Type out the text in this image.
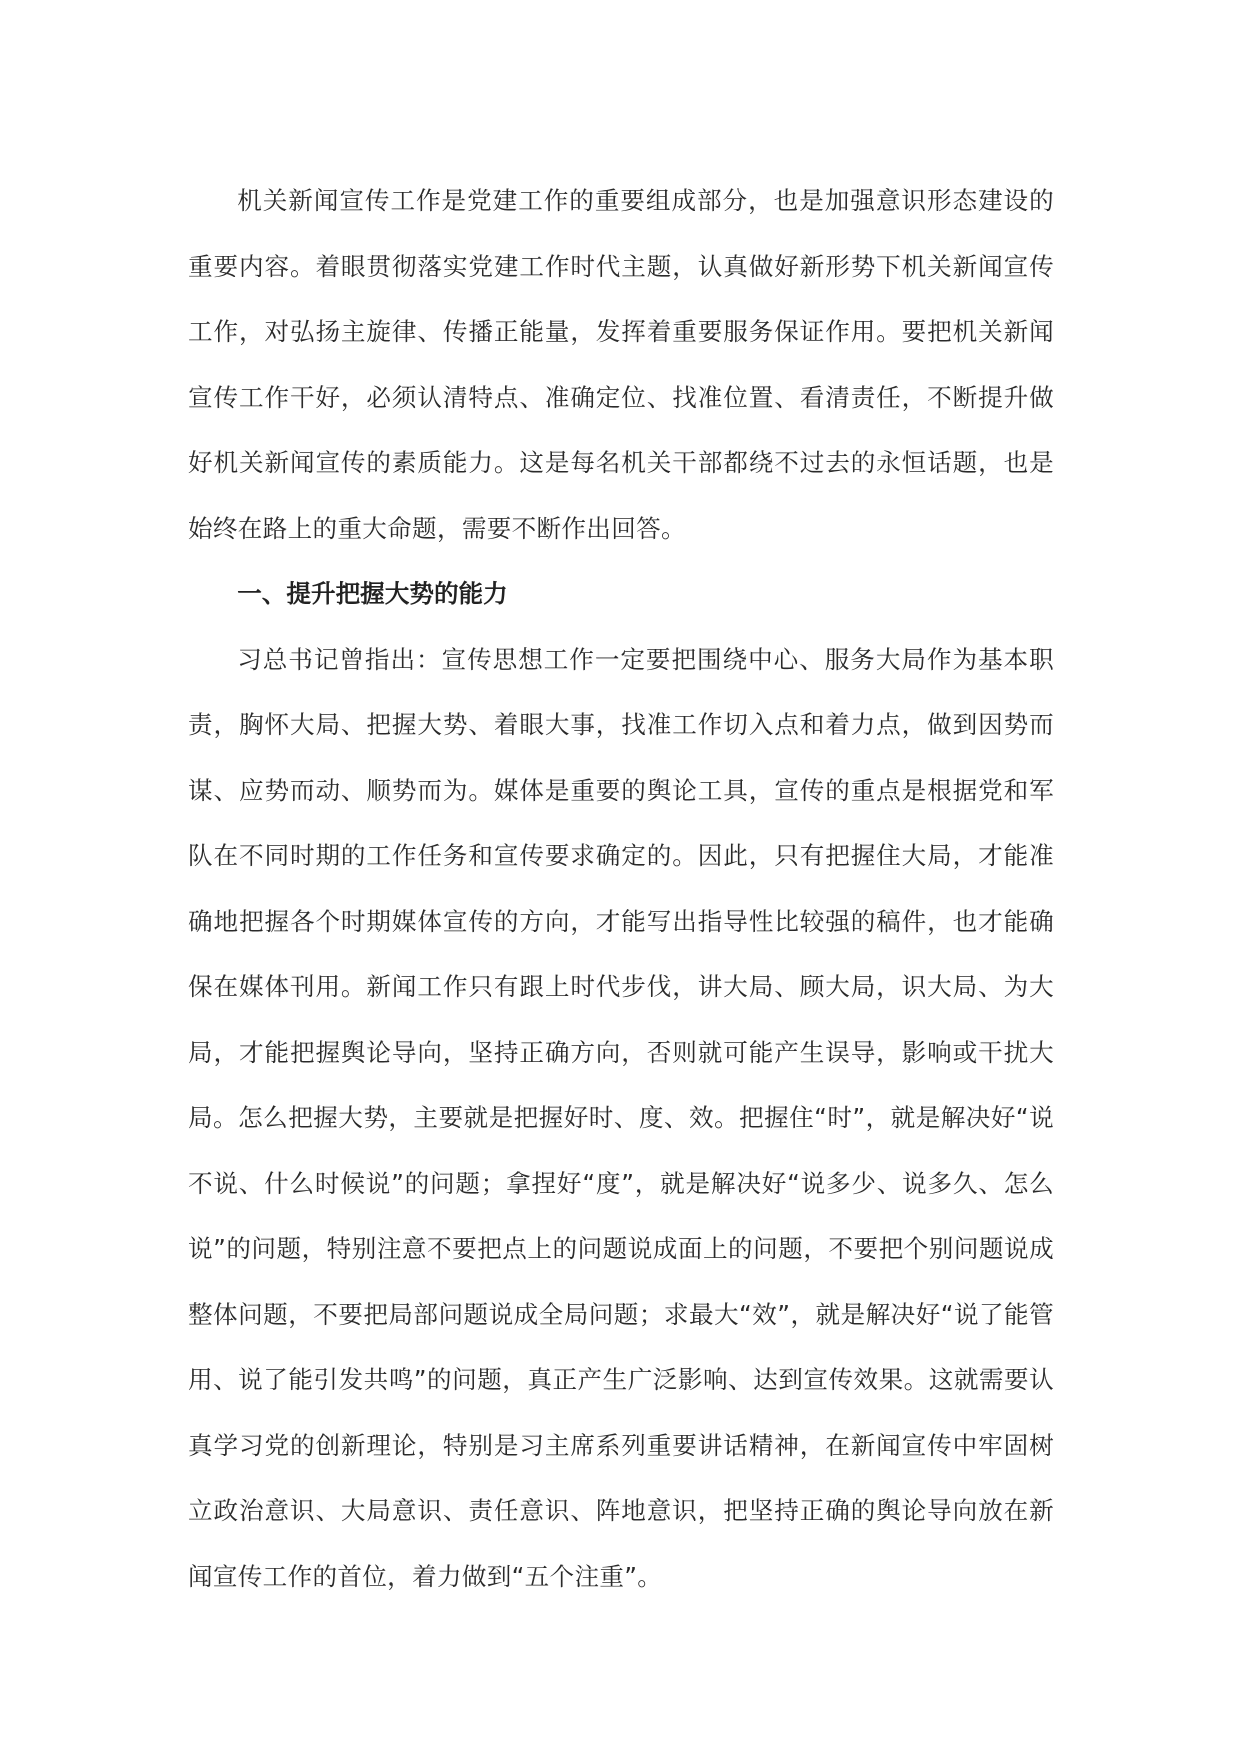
机关新闻宣传工作是党建工作的重要组成部分，也是加强意识形态建设的重要内容。着眼贯彻落实党建工作时代主题，认真做好新形势下机关新闻宣传工作，对弘扬主旋律、传播正能量，发挥着重要服务保证作用。要把机关新闻宣传工作干好，必须认清特点、准确定位、找准位置、看清责任，不断提升做好机关新闻宣传的素质能力。这是每名机关干部都绕不过去的永恒话题，也是始终在路上的重大命题，需要不断作出回答。

一、提升把握大势的能力

习总书记曾指出：宣传思想工作一定要把围绕中心、服务大局作为基本职责，胸怀大局、把握大势、着眼大事，找准工作切入点和着力点，做到因势而谋、应势而动、顺势而为。媒体是重要的舆论工具，宣传的重点是根据党和军队在不同时期的工作任务和宣传要求确定的。因此，只有把握住大局，才能准确地把握各个时期媒体宣传的方向，才能写出指导性比较强的稿件，也才能确保在媒体刊用。新闻工作只有跟上时代步伐，讲大局、顾大局，识大局、为大局，才能把握舆论导向，坚持正确方向，否则就可能产生误导，影响或干扰大局。怎么把握大势，主要就是把握好时、度、效。把握住“时”，就是解决好“说不说、什么时候说”的问题；拿捏好“度”，就是解决好“说多少、说多久、怎么说”的问题，特别注意不要把点上的问题说成面上的问题，不要把个别问题说成整体问题，不要把局部问题说成全局问题；求最大“效”，就是解决好“说了能管用、说了能引发共鸣”的问题，真正产生广泛影响、达到宣传效果。这就需要认真学习党的创新理论，特别是习主席系列重要讲话精神，在新闻宣传中牢固树立政治意识、大局意识、责任意识、阵地意识，把坚持正确的舆论导向放在新闻宣传工作的首位，着力做到“五个注重”。
